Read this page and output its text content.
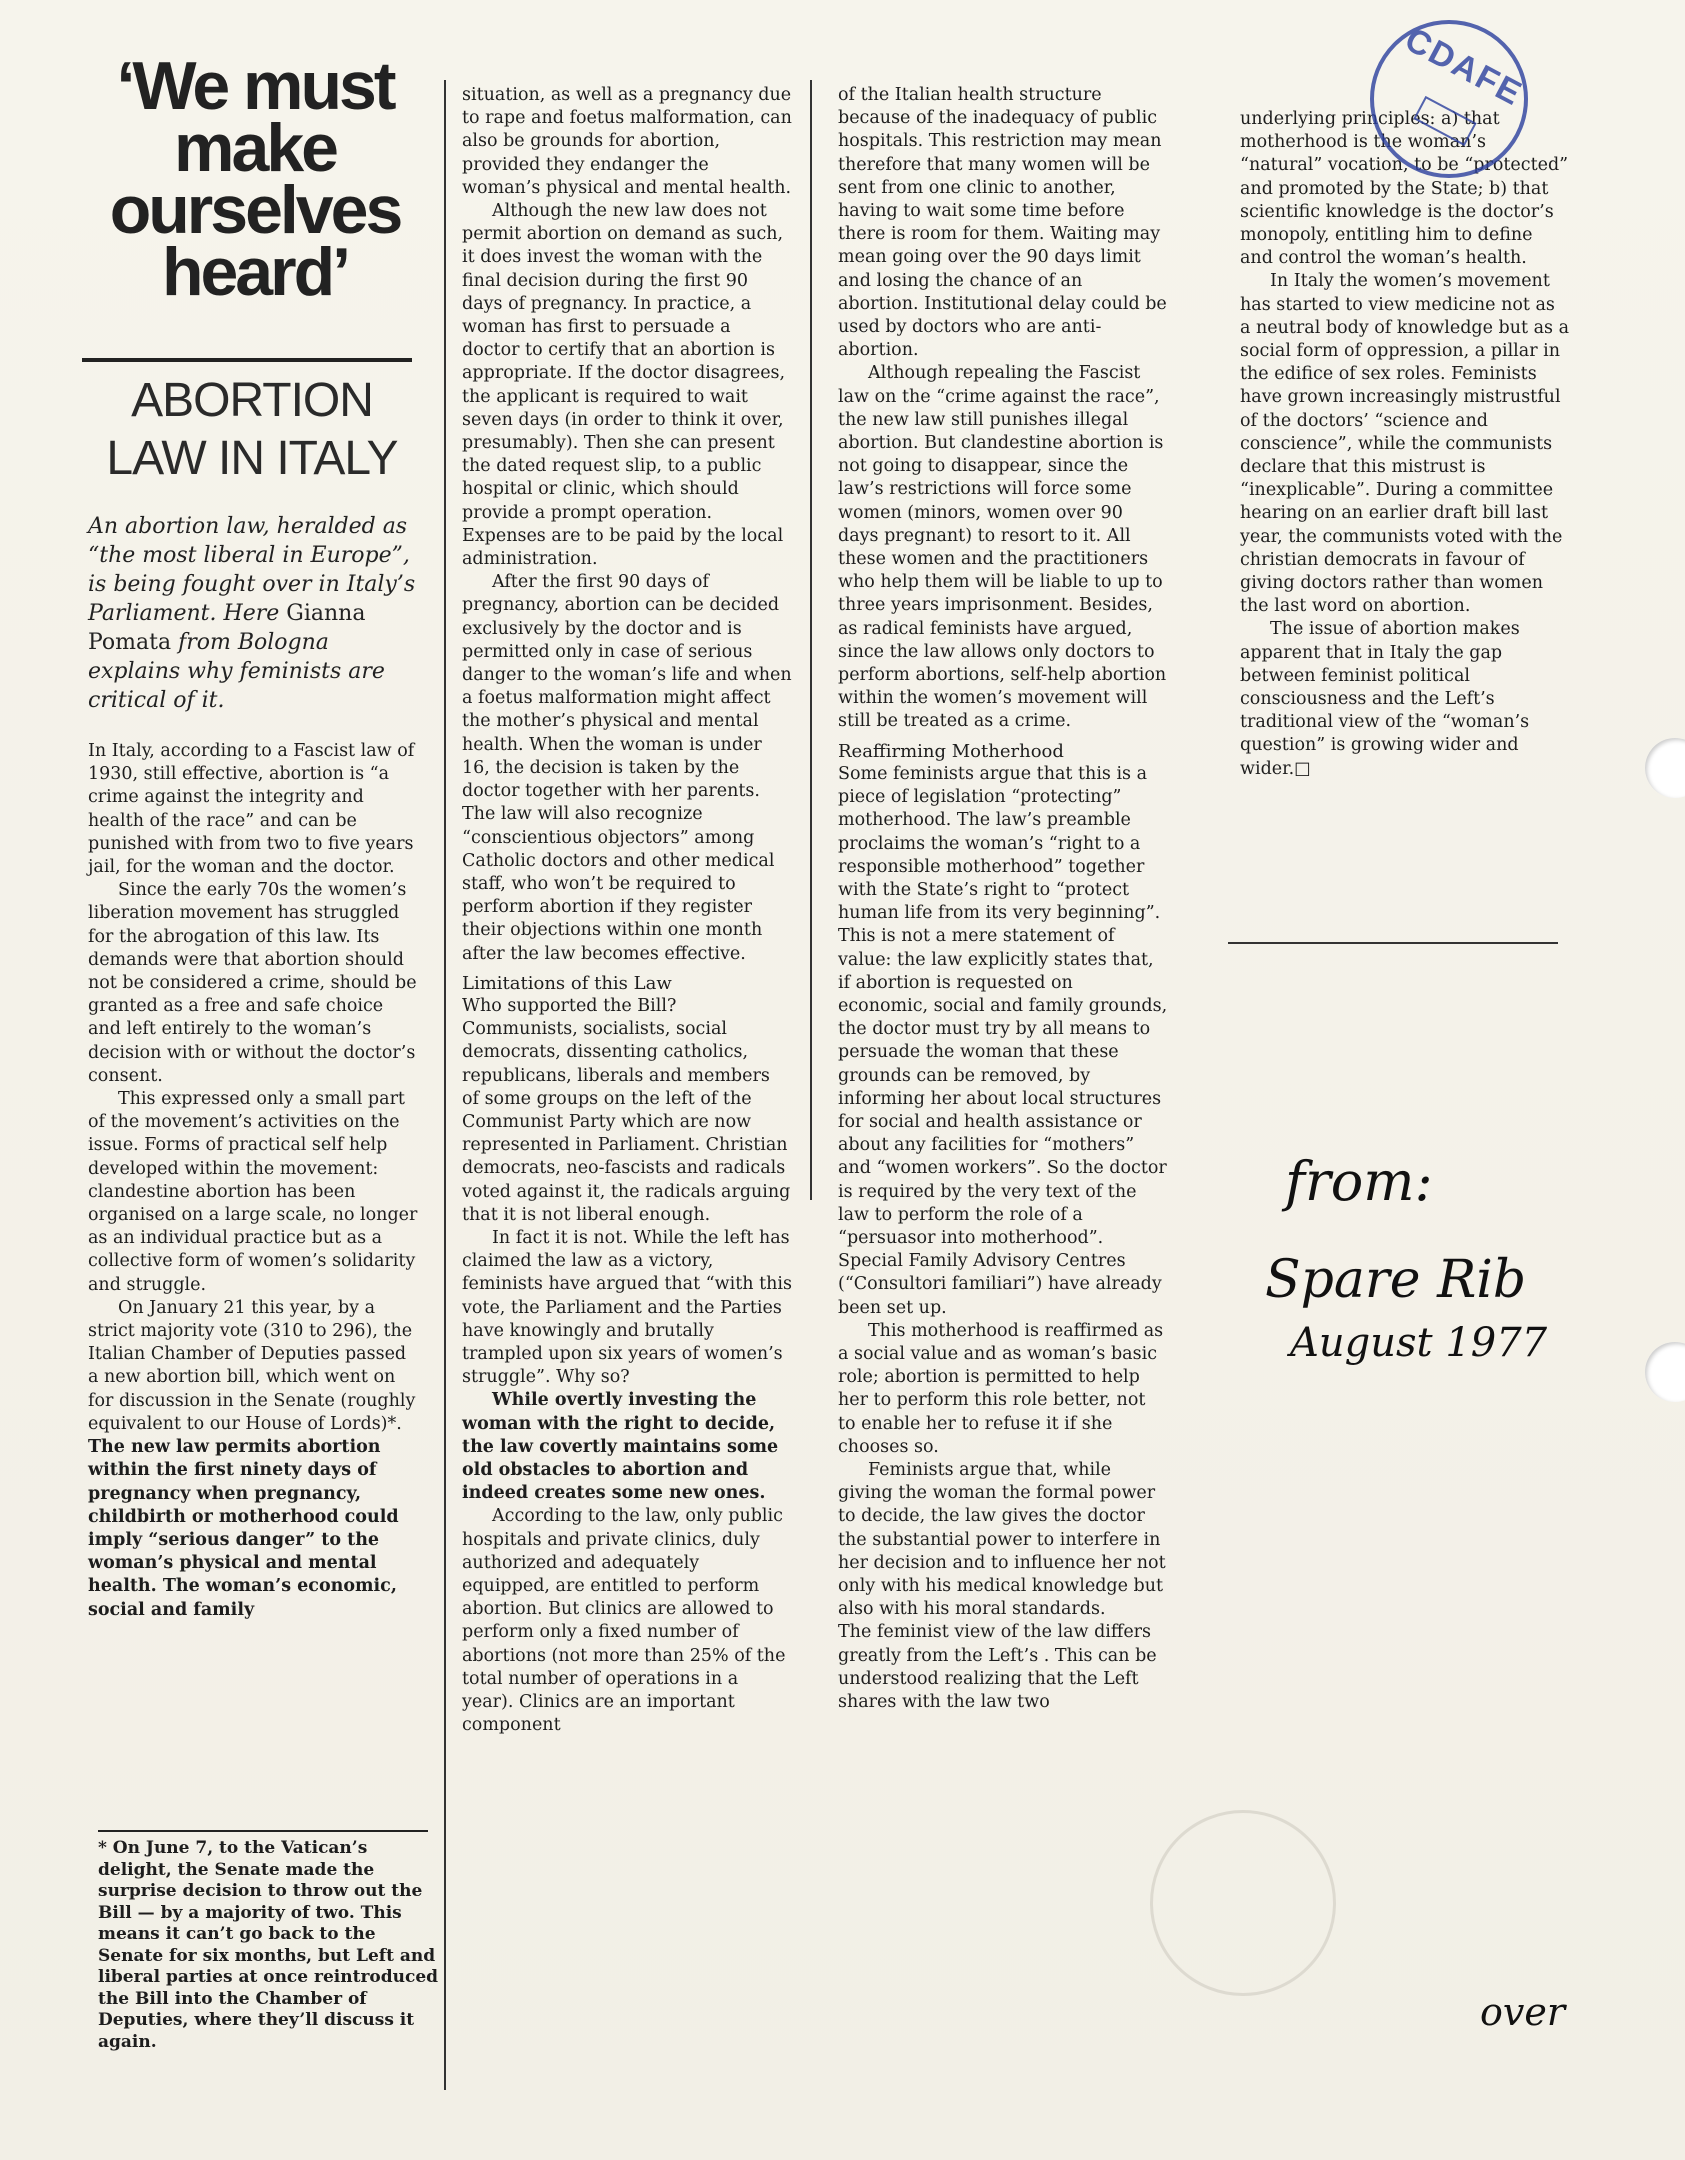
‘We must make ourselves heard’
ABORTION LAW IN ITALY
An abortion law, heralded as “the most liberal in Europe”, is being fought over in Italy’s Parliament. Here Gianna Pomata from Bologna explains why feminists are critical of it.

In Italy, according to a Fascist law of 1930, still effective, abortion is “a crime against the integrity and health of the race” and can be punished with from two to five years jail, for the woman and the doctor.

Since the early 70s the women’s liberation movement has struggled for the abrogation of this law. Its demands were that abortion should not be considered a crime, should be granted as a free and safe choice and left entirely to the woman’s decision with or without the doctor’s consent.

This expressed only a small part of the movement’s activities on the issue. Forms of practical self help developed within the movement: clandestine abortion has been organised on a large scale, no longer as an individual practice but as a collective form of women’s solidarity and struggle.

On January 21 this year, by a strict majority vote (310 to 296), the Italian Chamber of Deputies passed a new abortion bill, which went on for discussion in the Senate (roughly equivalent to our House of Lords)*.

The new law permits abortion within the first ninety days of pregnancy when pregnancy, childbirth or motherhood could imply “serious danger” to the woman’s physical and mental health. The woman’s economic, social and family

* On June 7, to the Vatican’s delight, the Senate made the surprise decision to throw out the Bill — by a majority of two. This means it can’t go back to the Senate for six months, but Left and liberal parties at once reintroduced the Bill into the Chamber of Deputies, where they’ll discuss it again.

situation, as well as a pregnancy due to rape and foetus malformation, can also be grounds for abortion, provided they endanger the woman’s physical and mental health.

Although the new law does not permit abortion on demand as such, it does invest the woman with the final decision during the first 90 days of pregnancy. In practice, a woman has first to persuade a doctor to certify that an abortion is appropriate. If the doctor disagrees, the applicant is required to wait seven days (in order to think it over, presumably). Then she can present the dated request slip, to a public hospital or clinic, which should provide a prompt operation. Expenses are to be paid by the local administration.

After the first 90 days of pregnancy, abortion can be decided exclusively by the doctor and is permitted only in case of serious danger to the woman’s life and when a foetus malformation might affect the mother’s physical and mental health. When the woman is under 16, the decision is taken by the doctor together with her parents. The law will also recognize “conscientious objectors” among Catholic doctors and other medical staff, who won’t be required to perform abortion if they register their objections within one month after the law becomes effective.

Limitations of this Law

Who supported the Bill? Communists, socialists, social democrats, dissenting catholics, republicans, liberals and members of some groups on the left of the Communist Party which are now represented in Parliament. Christian democrats, neo-fascists and radicals voted against it, the radicals arguing that it is not liberal enough.

In fact it is not. While the left has claimed the law as a victory, feminists have argued that “with this vote, the Parliament and the Parties have knowingly and brutally trampled upon six years of women’s struggle”. Why so?

While overtly investing the woman with the right to decide, the law covertly maintains some old obstacles to abortion and indeed creates some new ones.

According to the law, only public hospitals and private clinics, duly authorized and adequately equipped, are entitled to perform abortion. But clinics are allowed to perform only a fixed number of abortions (not more than 25% of the total number of operations in a year). Clinics are an important component

of the Italian health structure because of the inadequacy of public hospitals. This restriction may mean therefore that many women will be sent from one clinic to another, having to wait some time before there is room for them. Waiting may mean going over the 90 days limit and losing the chance of an abortion. Institutional delay could be used by doctors who are anti-abortion.

Although repealing the Fascist law on the “crime against the race”, the new law still punishes illegal abortion. But clandestine abortion is not going to disappear, since the law’s restrictions will force some women (minors, women over 90 days pregnant) to resort to it. All these women and the practitioners who help them will be liable to up to three years imprisonment. Besides, as radical feminists have argued, since the law allows only doctors to perform abortions, self-help abortion within the women’s movement will still be treated as a crime.

Reaffirming Motherhood

Some feminists argue that this is a piece of legislation “protecting” motherhood. The law’s preamble proclaims the woman’s “right to a responsible motherhood” together with the State’s right to “protect human life from its very beginning”. This is not a mere statement of value: the law explicitly states that, if abortion is requested on economic, social and family grounds, the doctor must try by all means to persuade the woman that these grounds can be removed, by informing her about local structures for social and health assistance or about any facilities for “mothers” and “women workers”. So the doctor is required by the very text of the law to perform the role of a “persuasor into motherhood”. Special Family Advisory Centres (“Consultori familiari”) have already been set up.

This motherhood is reaffirmed as a social value and as woman’s basic role; abortion is permitted to help her to perform this role better, not to enable her to refuse it if she chooses so.

Feminists argue that, while giving the woman the formal power to decide, the law gives the doctor the substantial power to interfere in her decision and to influence her not only with his medical knowledge but also with his moral standards.

The feminist view of the law differs greatly from the Left’s . This can be understood realizing that the Left shares with the law two

underlying principles: a) that motherhood is the woman’s “natural” vocation, to be “protected” and promoted by the State; b) that scientific knowledge is the doctor’s monopoly, entitling him to define and control the woman’s health.

In Italy the women’s movement has started to view medicine not as a neutral body of knowledge but as a social form of oppression, a pillar in the edifice of sex roles. Feminists have grown increasingly mistrustful of the doctors’ “science and conscience”, while the communists declare that this mistrust is “inexplicable”. During a committee hearing on an earlier draft bill last year, the communists voted with the christian democrats in favour of giving doctors rather than women the last word on abortion.

The issue of abortion makes apparent that in Italy the gap between feminist political consciousness and the Left’s traditional view of the “woman’s question” is growing wider and wider.□

CDAFE
from:
Spare Rib
August 1977
over
